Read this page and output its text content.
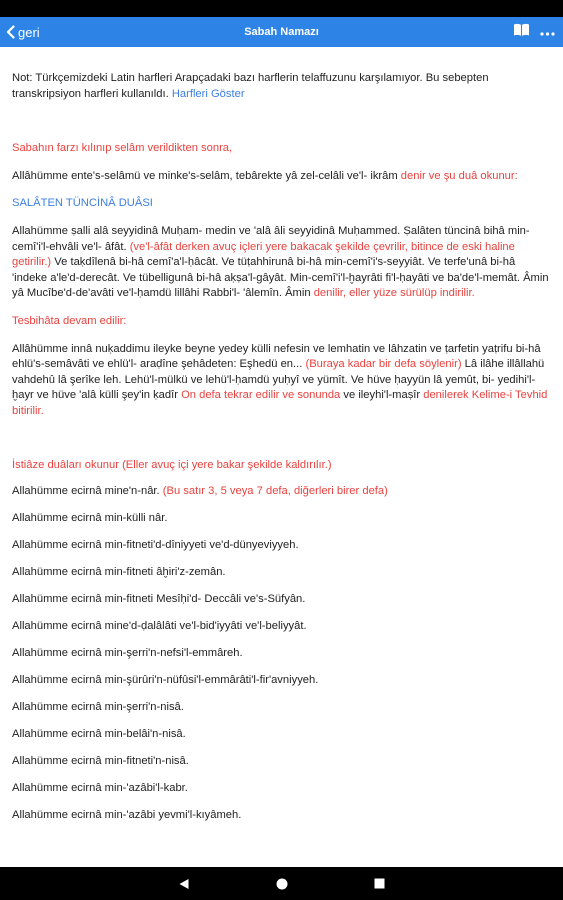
geri	Sabah Namazı

Not: Türkçemizdeki Latin harfleri Arapçadaki bazı harflerin telaffuzunu karşılamıyor. Bu sebepten transkripsiyon harfleri kullanıldı. Harfleri Göster

Sabahın farzı kılınıp selâm verildikten sonra,

Allâhümme ente's-selâmü ve minke's-selâm, tebârekte yâ zel-celâli ve'l- ikrâm denir ve şu duâ okunur:

SALÂTEN TÜNCİNÂ DUÂSI

Allahümme ṣalli alâ seyyidinâ Muḥam- medin ve 'alâ âli seyyidinâ Muḥammed. Ṣalâten tüncinâ bihâ min-cemî'i'l-ehvâli ve'l- âfât. (ve'l-âfât derken avuç içleri yere bakacak şekilde çevrilir, bitince de eski haline getirilir.) Ve taḳdîlenâ bi-hâ cemî'a'l-ḥâcât. Ve tüṭahhirunâ bi-hâ min-cemî'i's-seyyiât. Ve terfe'unâ bi-hâ 'indeke a'le'd-derecât. Ve tübelligunâ bi-hâ aḳṣa'l-gâyât. Min-cemî'i'l-ḫayrâti fi'l-ḥayâti ve ba'de'l-memât. Âmin yâ Mucîbe'd-de'avâti ve'l-ḥamdü lillâhi Rabbi'l- 'âlemîn. Âmin denilir, eller yüze sürülüp indirilir.

Tesbihâta devam edilir:

Allâhümme innâ nuḳaddimu ileyke beyne yedey külli nefesin ve lemhatin ve lâhzatin ve ṭarfetin yaṭrifu bi-hâ ehlü's-semâvâti ve ehlü'l- araḍîne şehâdeten: Eşhedü en... (Buraya kadar bir defa söylenir) Lâ ilâhe illâllahü vahdehû lâ şerîke leh. Lehü'l-mülkü ve lehü'l-ḥamdü yuḥyî ve yümît. Ve hüve ḥayyün lâ yemût, bi- yedihi'l-ḫayr ve hüve 'alâ külli şey'in ḳadîr On defa tekrar edilir ve sonunda ve ileyhi'l-maṣîr denilerek Kelime-i Tevhid bitirilir.

İstiâze duâları okunur (Eller avuç içi yere bakar şekilde kaldırılır.)

Allahümme ecirnâ mine'n-nâr. (Bu satır 3, 5 veya 7 defa, diğerleri birer defa)

Allahümme ecirnâ min-külli nâr.

Allahümme ecirnâ min-fitneti'd-dîniyyeti ve'd-dünyeviyyeh.

Allahümme ecirnâ min-fitneti âḫiri'z-zemân.

Allahümme ecirnâ min-fitneti Mesîḥi'd- Deccâli ve's-Süfyân.

Allahümme ecirnâ mine'd-ḍalâlâti ve'l-bid'iyyâti ve'l-beliyyât.

Allahümme ecirnâ min-şerri'n-nefsi'l-emmâreh.

Allahümme ecirnâ min-şürûri'n-nüfûsi'l-emmârâti'l-fir'avniyyeh.

Allahümme ecirnâ min-şerri'n-nisâ.

Allahümme ecirnâ min-belâi'n-nisâ.

Allahümme ecirnâ min-fitneti'n-nisâ.

Allahümme ecirnâ min-'azâbi'l-kabr.

Allahümme ecirnâ min-'azâbi yevmi'l-kıyâmeh.
